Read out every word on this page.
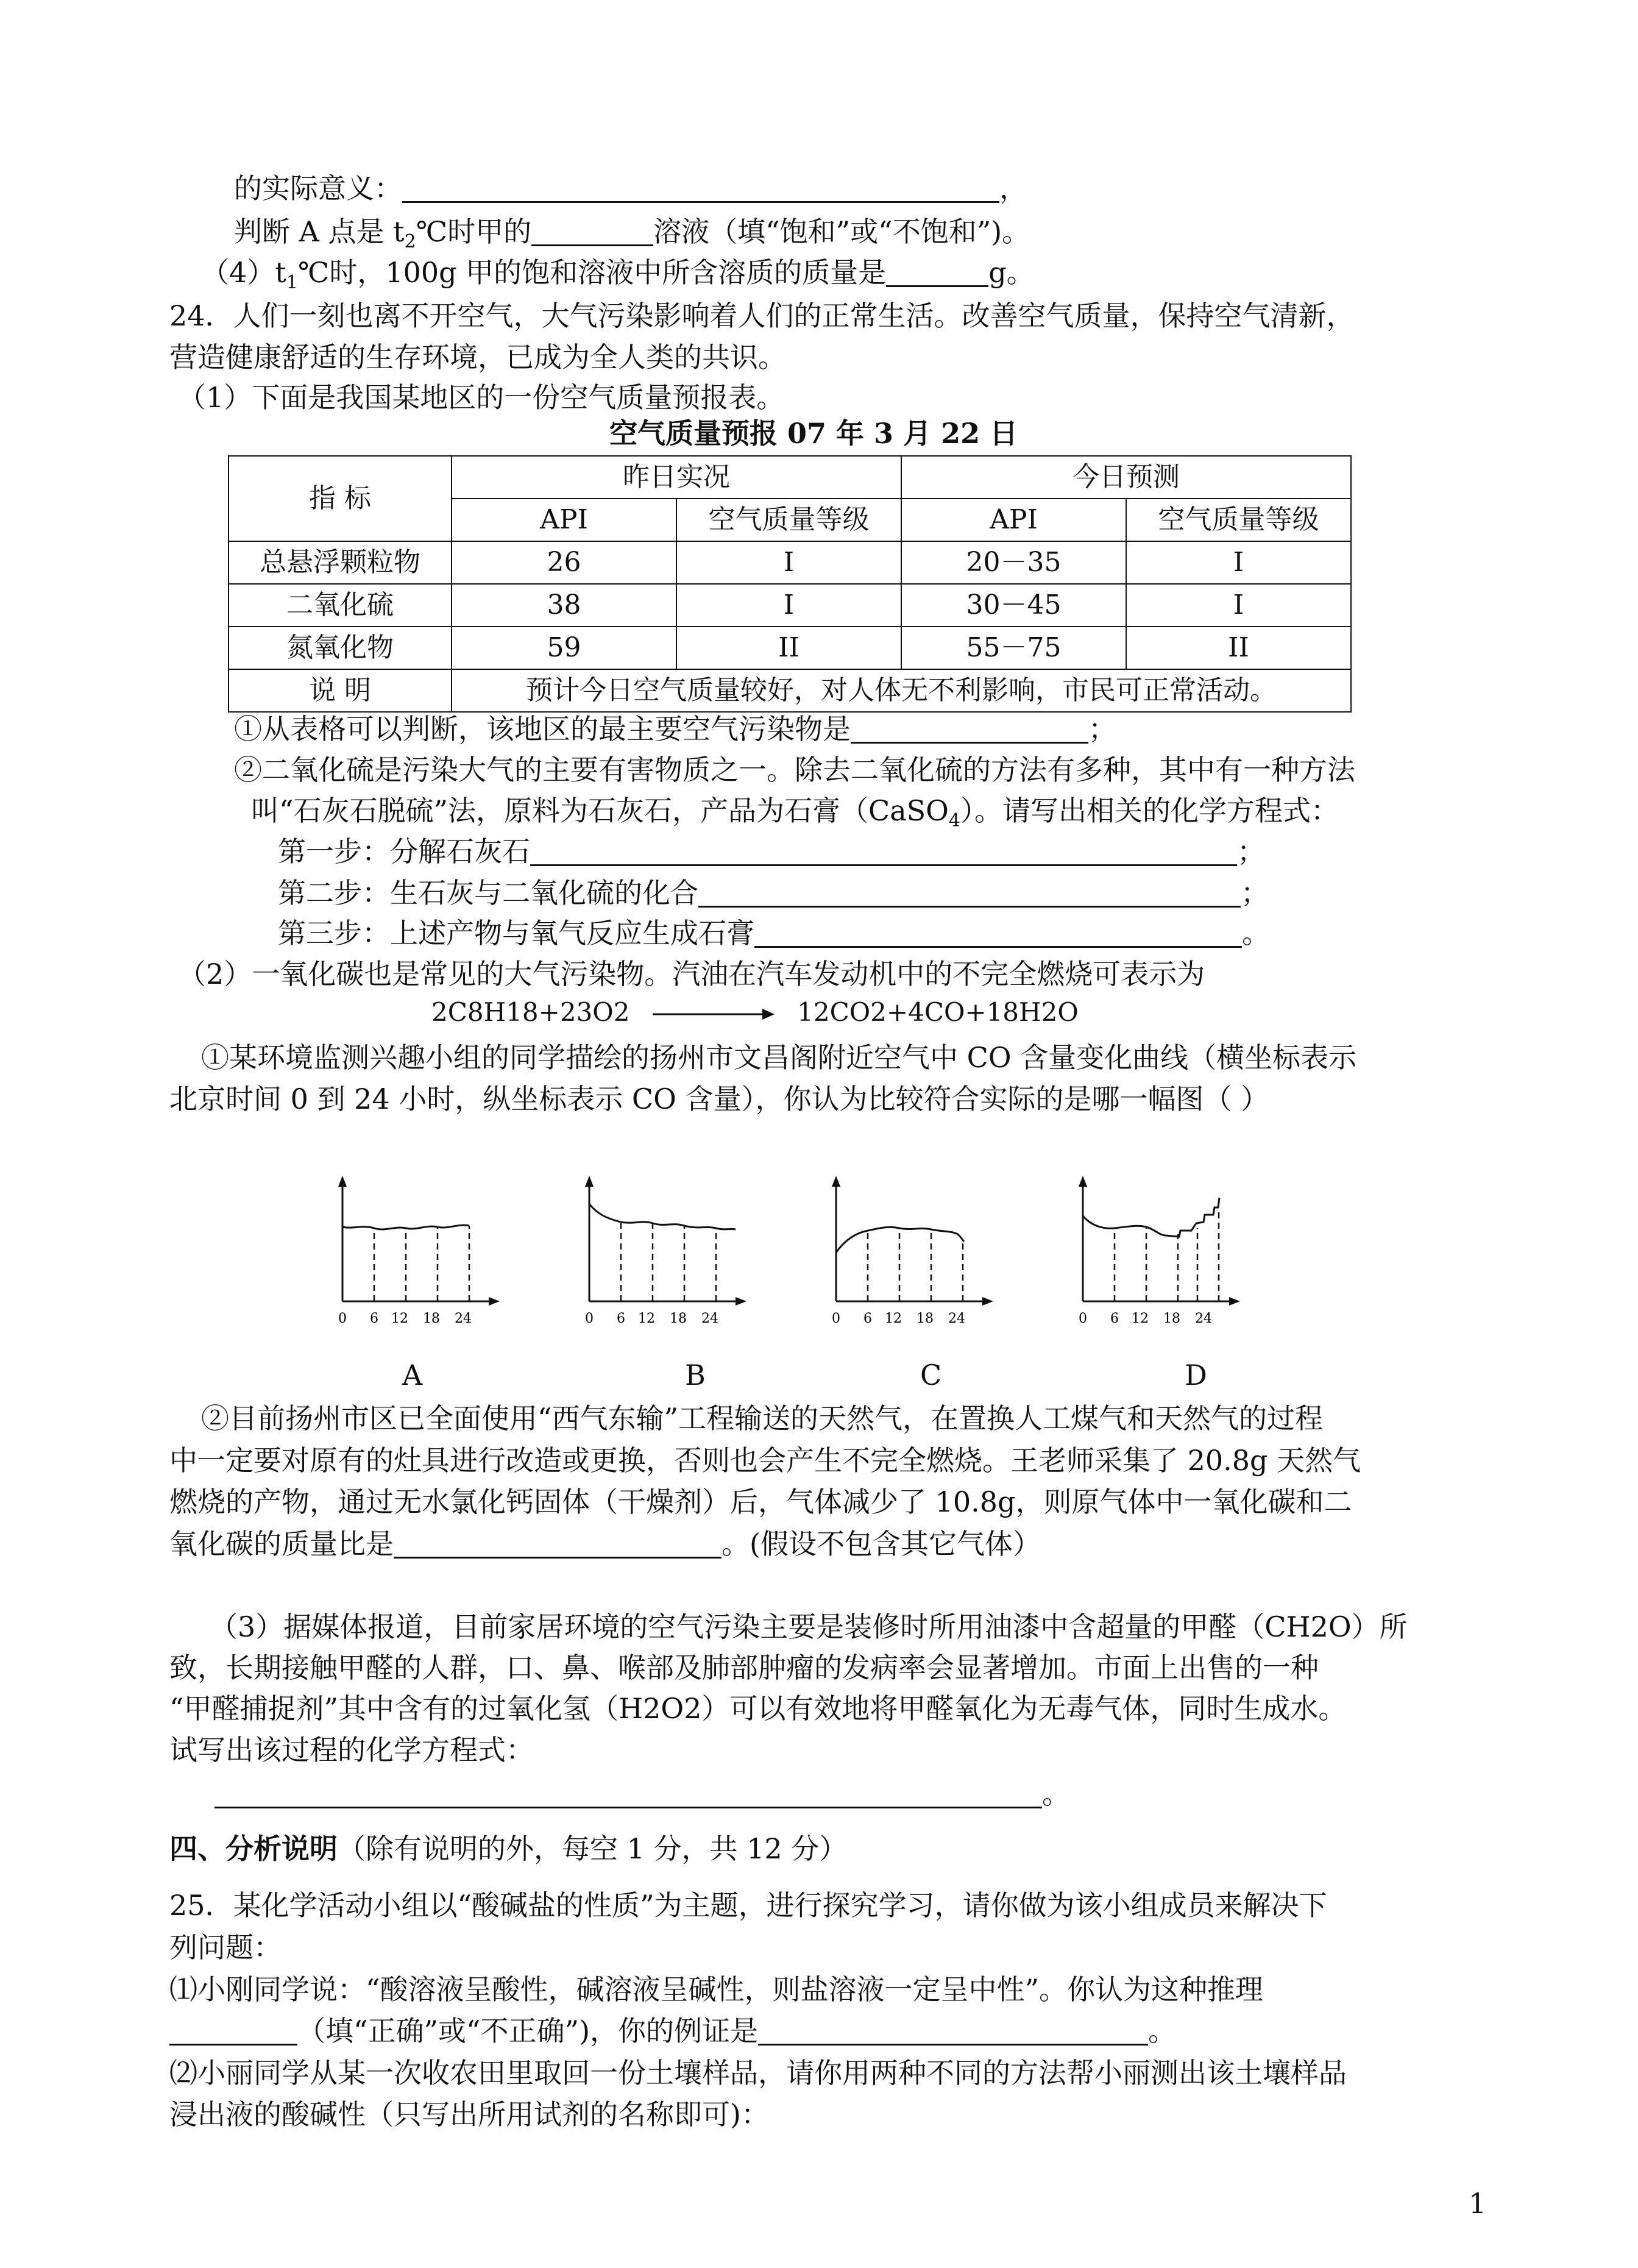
的实际意义：	，
判断 A 点是 $t_2℃$时甲的	溶液（填“饱和”或“不饱和”)。
$(4)t_1℃$时，100g 甲的饱和溶液中所含溶质的质量是	g。
24．人们一刻也离不开空气，大气污染影响着人们的正常生活。改善空气质量，保持空气清新，
营造健康舒适的生存环境，已成为全人类的共识。
（1）下面是我国某地区的一份空气质量预报表。
空气质量预报 07 年 3 月 22 日
指 标	昨日实况		今日预测	
	API	空气质量等级	API	空气质量等级
总悬浮颗粒物	26	I	20－35	I
二氧化硫	38	I	30－45	I
氮氧化物	59	II	55－75	II
说 明	预计今日空气质量较好，对人体无不利影响，市民可正常活动。			
①从表格可以判断，该地区的最主要空气污染物是	；
②二氧化硫是污染大气的主要有害物质之一。除去二氧化硫的方法有多种，其中有一种方法
叫“石灰石脱硫”法，原料为石灰石，产品为石膏（CaSO$_4$）。请写出相关的化学方程式：
第一步：分解石灰石	；
第二步：生石灰与二氧化硫的化合	；
第三步：上述产物与氧气反应生成石膏	。
（2）一氧化碳也是常见的大气污染物。汽油在汽车发动机中的不完全燃烧可表示为
2C8H18+23O2	12CO2+4CO+18H2O
①某环境监测兴趣小组的同学描绘的扬州市文昌阁附近空气中 CO 含量变化曲线（横坐标表示
北京时间 0 到 24 小时，纵坐标表示 CO 含量），你认为比较符合实际的是哪一幅图（ ）
0 6 12 18 24	0 6 12 18 24	0 6 12 18 24	0 6 12 18 24
A	B	C	D
②目前扬州市区已全面使用“西气东输”工程输送的天然气，在置换人工煤气和天然气的过程
中一定要对原有的灶具进行改造或更换，否则也会产生不完全燃烧。王老师采集了 20.8g 天然气
燃烧的产物，通过无水氯化钙固体（干燥剂）后，气体减少了 10.8g，则原气体中一氧化碳和二
氧化碳的质量比是	。(假设不包含其它气体）
（3）据媒体报道，目前家居环境的空气污染主要是装修时所用油漆中含超量的甲醛（CH2O）所
致，长期接触甲醛的人群，口、鼻、喉部及肺部肿瘤的发病率会显著增加。市面上出售的一种
“甲醛捕捉剂”其中含有的过氧化氢（H2O2）可以有效地将甲醛氧化为无毒气体，同时生成水。
试写出该过程的化学方程式：
。
四、分析说明（除有说明的外，每空 1 分，共 12 分）
25．某化学活动小组以“酸碱盐的性质”为主题，进行探究学习，请你做为该小组成员来解决下
列问题：
⑴小刚同学说：“酸溶液呈酸性，碱溶液呈碱性，则盐溶液一定呈中性”。你认为这种推理
（填“正确”或“不正确”)，你的例证是	。
⑵小丽同学从某一次收农田里取回一份土壤样品，请你用两种不同的方法帮小丽测出该土壤样品
浸出液的酸碱性（只写出所用试剂的名称即可)：
1
